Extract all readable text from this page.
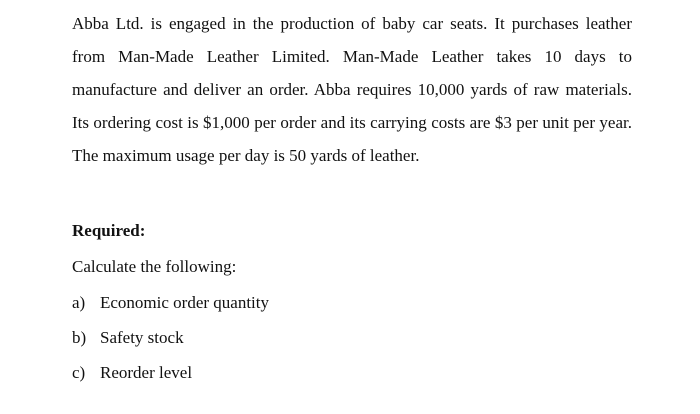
Abba Ltd. is engaged in the production of baby car seats. It purchases leather from Man-Made Leather Limited. Man-Made Leather takes 10 days to manufacture and deliver an order. Abba requires 10,000 yards of raw materials. Its ordering cost is $1,000 per order and its carrying costs are $3 per unit per year. The maximum usage per day is 50 yards of leather.

Required:
Calculate the following:
a) Economic order quantity
b) Safety stock
c) Reorder level
